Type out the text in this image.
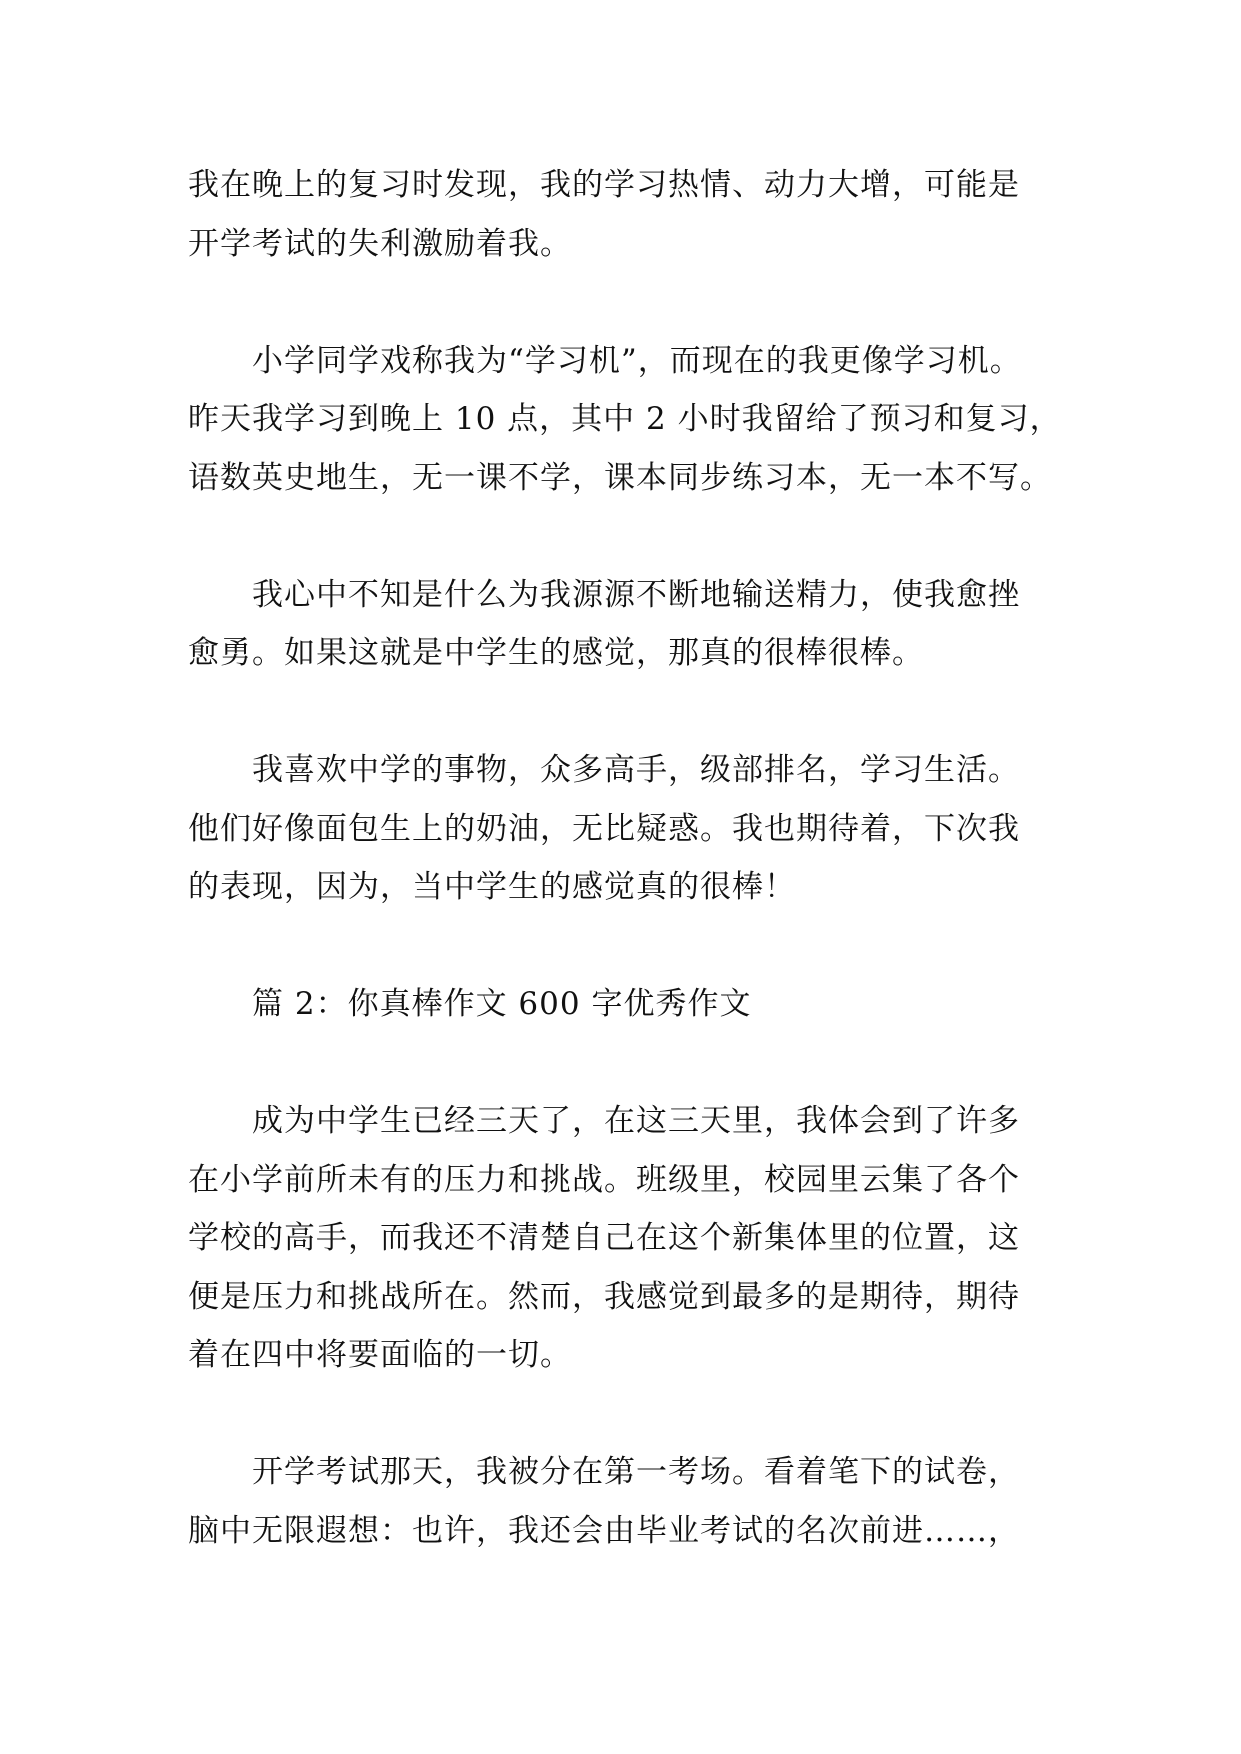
我在晚上的复习时发现，我的学习热情、动力大增，可能是
开学考试的失利激励着我。

小学同学戏称我为“学习机”，而现在的我更像学习机。
昨天我学习到晚上 10 点，其中 2 小时我留给了预习和复习，
语数英史地生，无一课不学，课本同步练习本，无一本不写。

我心中不知是什么为我源源不断地输送精力，使我愈挫
愈勇。如果这就是中学生的感觉，那真的很棒很棒。

我喜欢中学的事物，众多高手，级部排名，学习生活。
他们好像面包生上的奶油，无比疑惑。我也期待着，下次我
的表现，因为，当中学生的感觉真的很棒！

篇 2：你真棒作文 600 字优秀作文

成为中学生已经三天了，在这三天里，我体会到了许多
在小学前所未有的压力和挑战。班级里，校园里云集了各个
学校的高手，而我还不清楚自己在这个新集体里的位置，这
便是压力和挑战所在。然而，我感觉到最多的是期待，期待
着在四中将要面临的一切。

开学考试那天，我被分在第一考场。看着笔下的试卷，
脑中无限遐想：也许，我还会由毕业考试的名次前进……，
